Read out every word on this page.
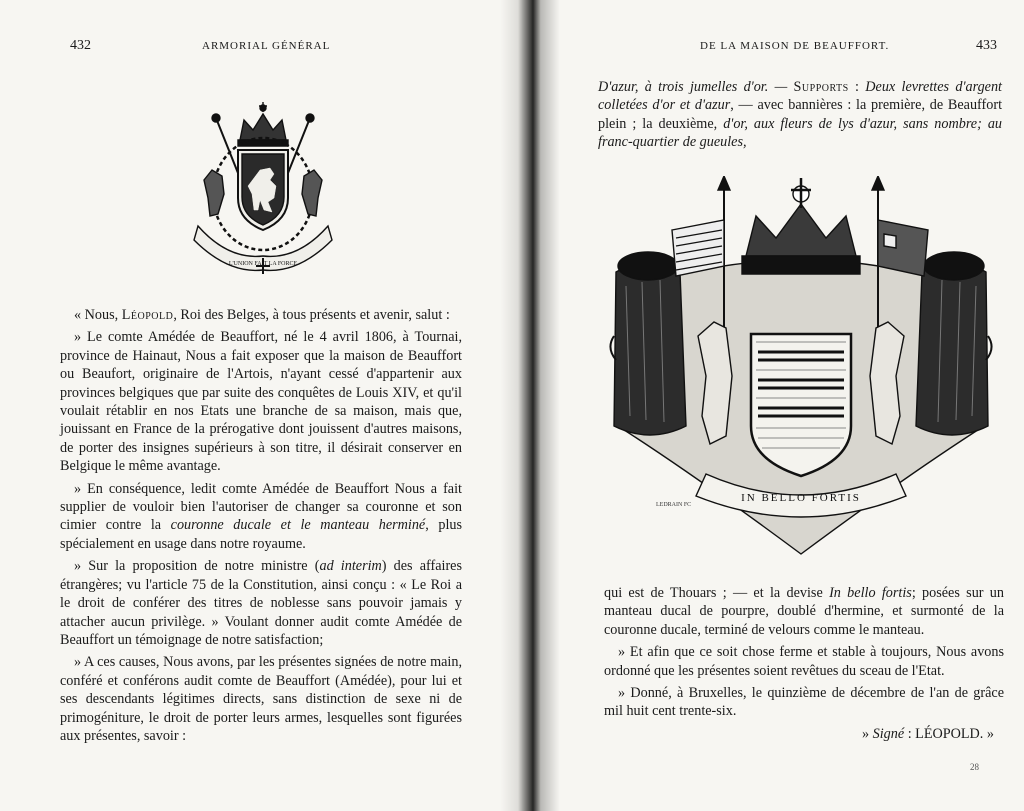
432	ARMORIAL GÉNÉRAL
L'UNION FAIT LA FORCE

« Nous, Léopold, Roi des Belges, à tous présents et avenir, salut :

» Le comte Amédée de Beauffort, né le 4 avril 1806, à Tournai, province de Hainaut, Nous a fait exposer que la maison de Beauffort ou Beaufort, originaire de l'Artois, n'ayant cessé d'appartenir aux provinces belgiques que par suite des conquêtes de Louis XIV, et qu'il voulait rétablir en nos Etats une branche de sa maison, mais que, jouissant en France de la prérogative dont jouissent d'autres maisons, de porter des insignes supérieurs à son titre, il désirait conserver en Belgique le même avantage.

» En conséquence, ledit comte Amédée de Beauffort Nous a fait supplier de vouloir bien l'autoriser de changer sa couronne et son cimier contre la couronne ducale et le manteau herminé, plus spécialement en usage dans notre royaume.

» Sur la proposition de notre ministre (ad interim) des affaires étrangères; vu l'article 75 de la Constitution, ainsi conçu : « Le Roi a le droit de conférer des titres de noblesse sans pouvoir jamais y attacher aucun privilège. » Voulant donner audit comte Amédée de Beauffort un témoignage de notre satisfaction;

» A ces causes, Nous avons, par les présentes signées de notre main, conféré et conférons audit comte de Beauffort (Amédée), pour lui et ses descendants légitimes directs, sans distinction de sexe ni de primogéniture, le droit de porter leurs armes, lesquelles sont figurées aux présentes, savoir :

DE LA MAISON DE BEAUFFORT.	433

D'azur, à trois jumelles d'or. — Supports : Deux levrettes d'argent colletées d'or et d'azur, — avec bannières : la première, de Beauffort plein ; la deuxième, d'or, aux fleurs de lys d'azur, sans nombre; au franc-quartier de gueules,

IN BELLO FORTIS
LEDRAIN FC

qui est de Thouars ; — et la devise In bello fortis; posées sur un manteau ducal de pourpre, doublé d'hermine, et surmonté de la couronne ducale, terminé de velours comme le manteau.

» Et afin que ce soit chose ferme et stable à toujours, Nous avons ordonné que les présentes soient revêtues du sceau de l'Etat.

» Donné, à Bruxelles, le quinzième de décembre de l'an de grâce mil huit cent trente-six.

» Signé : LÉOPOLD. »

28
